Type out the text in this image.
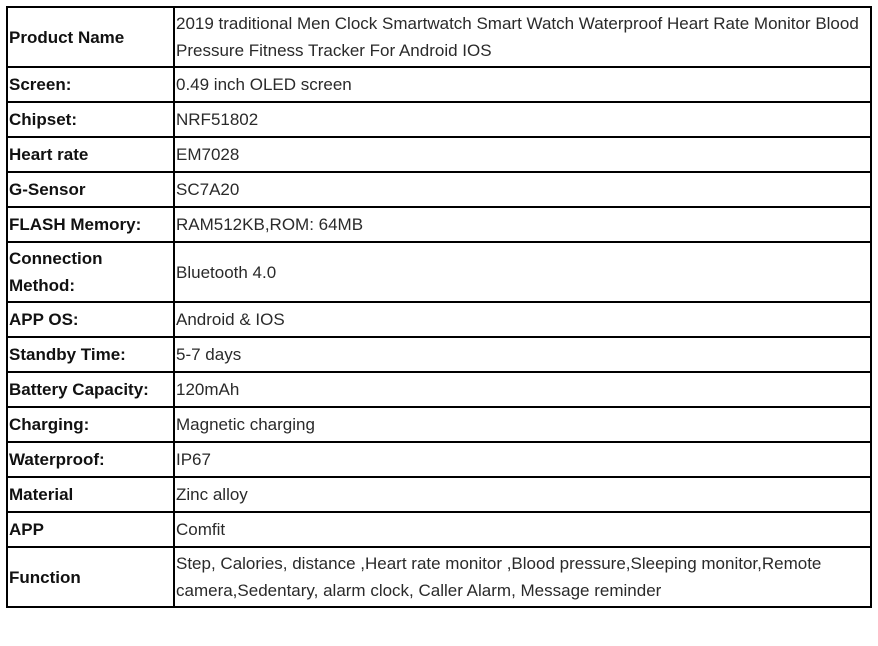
Product Name	2019 traditional Men Clock Smartwatch Smart Watch Waterproof Heart Rate Monitor Blood Pressure Fitness Tracker For Android IOS
Screen:	0.49 inch OLED screen
Chipset:	NRF51802
Heart rate	EM7028
G-Sensor	SC7A20
FLASH Memory:	RAM512KB,ROM: 64MB
Connection Method:	Bluetooth 4.0
APP OS:	Android & IOS
Standby Time:	5-7 days
Battery Capacity:	120mAh
Charging:	Magnetic charging
Waterproof:	IP67
Material	Zinc alloy
APP	Comfit
Function	Step, Calories, distance ,Heart rate monitor ,Blood pressure,Sleeping monitor,Remote camera,Sedentary, alarm clock, Caller Alarm, Message reminder
